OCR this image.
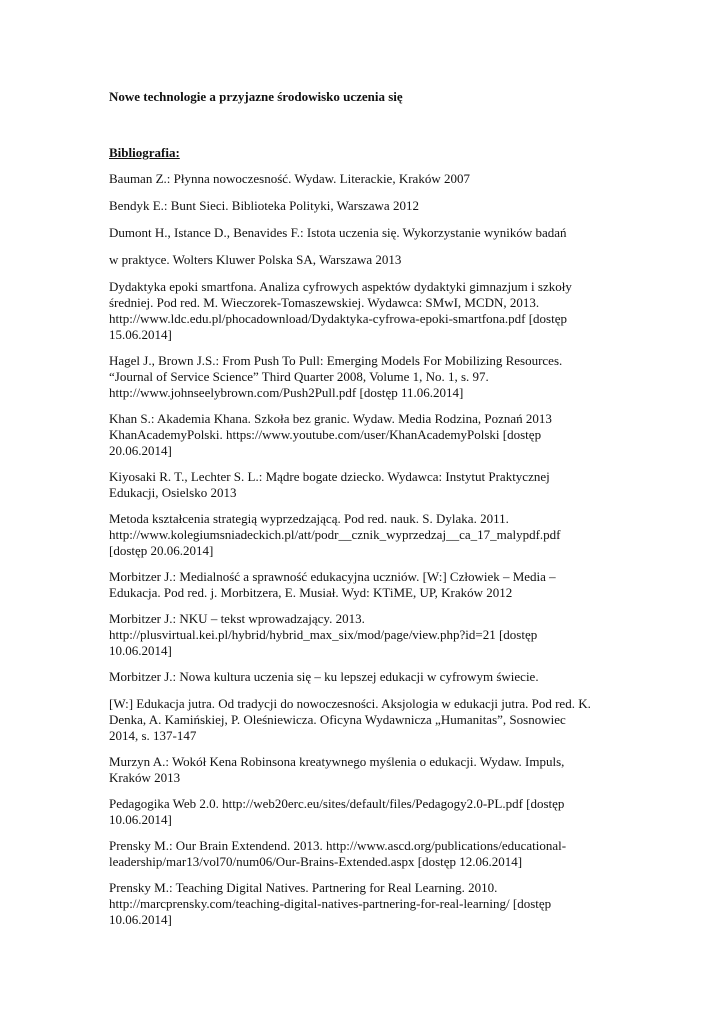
Nowe technologie a przyjazne środowisko uczenia się
Bibliografia:
Bauman Z.: Płynna nowoczesność. Wydaw. Literackie, Kraków 2007
Bendyk E.: Bunt Sieci. Biblioteka Polityki, Warszawa 2012
Dumont H., Istance D., Benavides F.: Istota uczenia się. Wykorzystanie wyników badań
w praktyce. Wolters Kluwer Polska SA, Warszawa 2013
Dydaktyka epoki smartfona. Analiza cyfrowych aspektów dydaktyki gimnazjum i szkoły
średniej. Pod red. M. Wieczorek-Tomaszewskiej. Wydawca: SMwI, MCDN, 2013.
http://www.ldc.edu.pl/phocadownload/Dydaktyka-cyfrowa-epoki-smartfona.pdf [dostęp
15.06.2014]
Hagel J., Brown J.S.: From Push To Pull: Emerging Models For Mobilizing Resources.
“Journal of Service Science” Third Quarter 2008, Volume 1, No. 1, s. 97.
http://www.johnseelybrown.com/Push2Pull.pdf [dostęp 11.06.2014]
Khan S.: Akademia Khana. Szkoła bez granic. Wydaw. Media Rodzina, Poznań 2013
KhanAcademyPolski. https://www.youtube.com/user/KhanAcademyPolski [dostęp
20.06.2014]
Kiyosaki R. T., Lechter S. L.: Mądre bogate dziecko. Wydawca: Instytut Praktycznej
Edukacji, Osielsko 2013
Metoda kształcenia strategią wyprzedzającą. Pod red. nauk. S. Dylaka. 2011.
http://www.kolegiumsniadeckich.pl/att/podr__cznik_wyprzedzaj__ca_17_malypdf.pdf
[dostęp 20.06.2014]
Morbitzer J.: Medialność a sprawność edukacyjna uczniów. [W:] Człowiek – Media –
Edukacja. Pod red. j. Morbitzera, E. Musiał. Wyd: KTiME, UP, Kraków 2012
Morbitzer J.: NKU – tekst wprowadzający. 2013.
http://plusvirtual.kei.pl/hybrid/hybrid_max_six/mod/page/view.php?id=21 [dostęp
10.06.2014]
Morbitzer J.: Nowa kultura uczenia się – ku lepszej edukacji w cyfrowym świecie.
[W:] Edukacja jutra. Od tradycji do nowoczesności. Aksjologia w edukacji jutra. Pod red. K.
Denka, A. Kamińskiej, P. Oleśniewicza. Oficyna Wydawnicza „Humanitas”, Sosnowiec
2014, s. 137-147
Murzyn A.: Wokół Kena Robinsona kreatywnego myślenia o edukacji. Wydaw. Impuls,
Kraków 2013
Pedagogika Web 2.0. http://web20erc.eu/sites/default/files/Pedagogy2.0-PL.pdf [dostęp
10.06.2014]
Prensky M.: Our Brain Extendend. 2013. http://www.ascd.org/publications/educational-
leadership/mar13/vol70/num06/Our-Brains-Extended.aspx [dostęp 12.06.2014]
Prensky M.: Teaching Digital Natives. Partnering for Real Learning. 2010.
http://marcprensky.com/teaching-digital-natives-partnering-for-real-learning/ [dostęp
10.06.2014]
